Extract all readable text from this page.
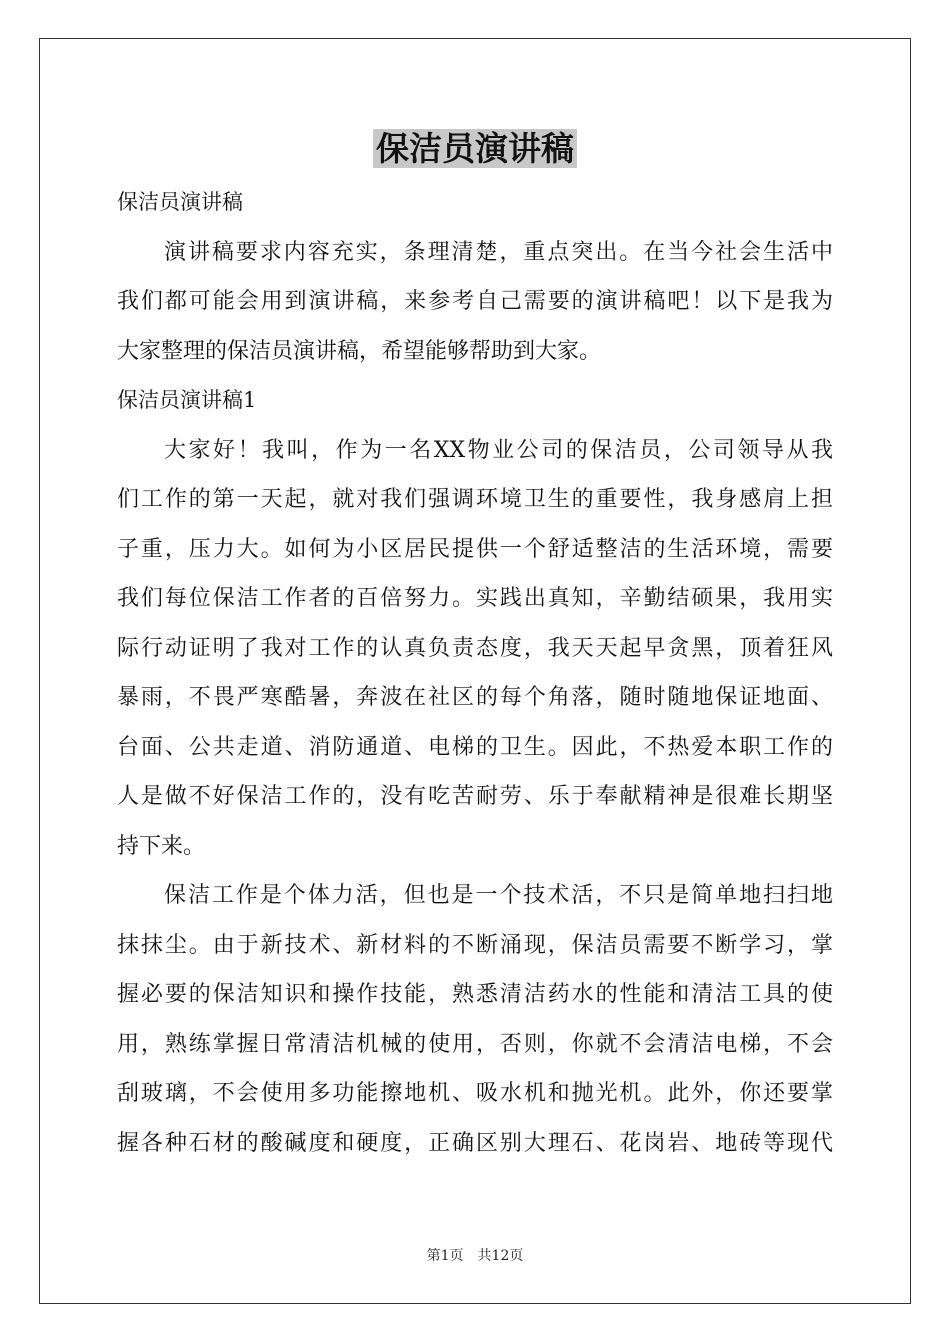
保洁员演讲稿
保洁员演讲稿
演讲稿要求内容充实，条理清楚，重点突出。在当今社会生活中
我们都可能会用到演讲稿，来参考自己需要的演讲稿吧！以下是我为
大家整理的保洁员演讲稿，希望能够帮助到大家。
保洁员演讲稿1
大家好！我叫，作为一名XX物业公司的保洁员，公司领导从我
们工作的第一天起，就对我们强调环境卫生的重要性，我身感肩上担
子重，压力大。如何为小区居民提供一个舒适整洁的生活环境，需要
我们每位保洁工作者的百倍努力。实践出真知，辛勤结硕果，我用实
际行动证明了我对工作的认真负责态度，我天天起早贪黑，顶着狂风
暴雨，不畏严寒酷暑，奔波在社区的每个角落，随时随地保证地面、
台面、公共走道、消防通道、电梯的卫生。因此，不热爱本职工作的
人是做不好保洁工作的，没有吃苦耐劳、乐于奉献精神是很难长期坚
持下来。
保洁工作是个体力活，但也是一个技术活，不只是简单地扫扫地
抹抹尘。由于新技术、新材料的不断涌现，保洁员需要不断学习，掌
握必要的保洁知识和操作技能，熟悉清洁药水的性能和清洁工具的使
用，熟练掌握日常清洁机械的使用，否则，你就不会清洁电梯，不会
刮玻璃，不会使用多功能擦地机、吸水机和抛光机。此外，你还要掌
握各种石材的酸碱度和硬度，正确区别大理石、花岗岩、地砖等现代
第1页 共12页
